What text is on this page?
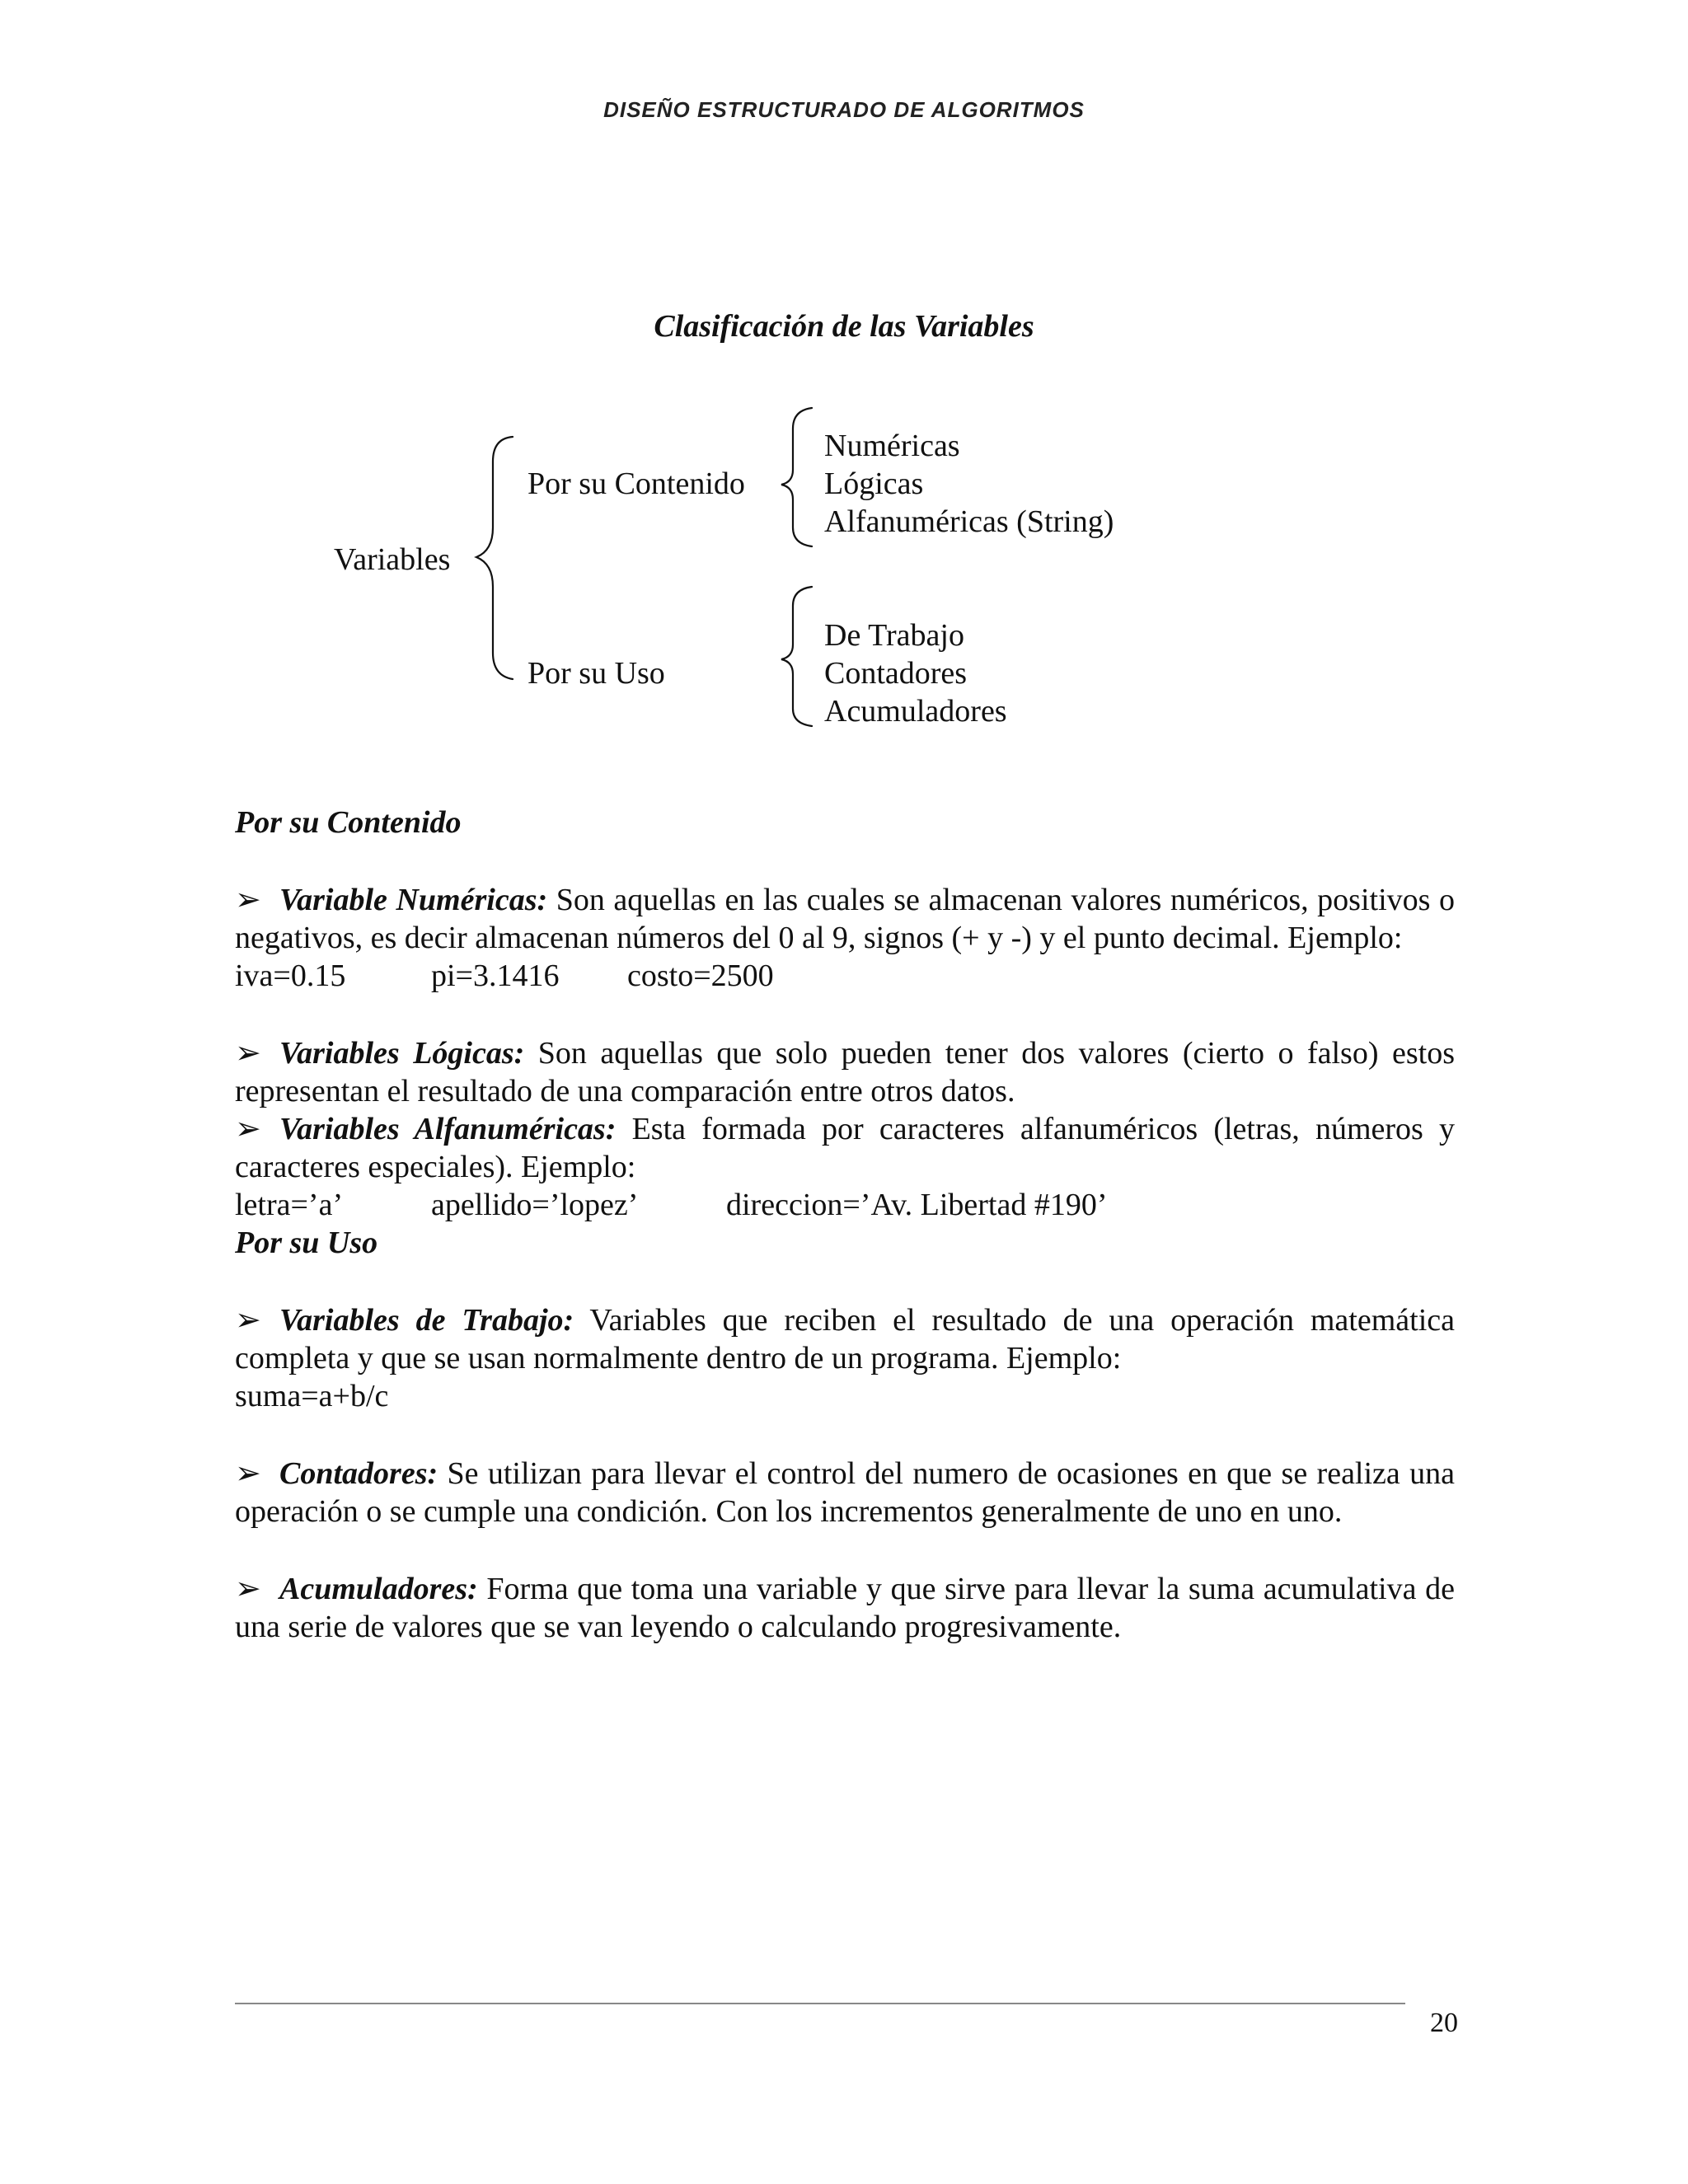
DISEÑO ESTRUCTURADO DE ALGORITMOS
Clasificación de las Variables
Variables
Por su Contenido
Por su Uso
Numéricas
Lógicas
Alfanuméricas (String)
De Trabajo
Contadores
Acumuladores

Por su Contenido

➢ Variable Numéricas: Son aquellas en las cuales se almacenan valores numéricos, positivos o negativos, es decir almacenan números del 0 al 9, signos (+ y -) y el punto decimal. Ejemplo:

iva=0.15	pi=3.1416 costo=2500

➢ Variables Lógicas: Son aquellas que solo pueden tener dos valores (cierto o falso) estos representan el resultado de una comparación entre otros datos.

➢ Variables Alfanuméricas: Esta formada por caracteres alfanuméricos (letras, números y caracteres especiales). Ejemplo:

letra=’a’	apellido=’lopez’	direccion=’Av. Libertad #190’

Por su Uso

➢ Variables de Trabajo: Variables que reciben el resultado de una operación matemática completa y que se usan normalmente dentro de un programa. Ejemplo:

suma=a+b/c

➢ Contadores: Se utilizan para llevar el control del numero de ocasiones en que se realiza una operación o se cumple una condición. Con los incrementos generalmente de uno en uno.

➢ Acumuladores: Forma que toma una variable y que sirve para llevar la suma acumulativa de una serie de valores que se van leyendo o calculando progresivamente.

20
